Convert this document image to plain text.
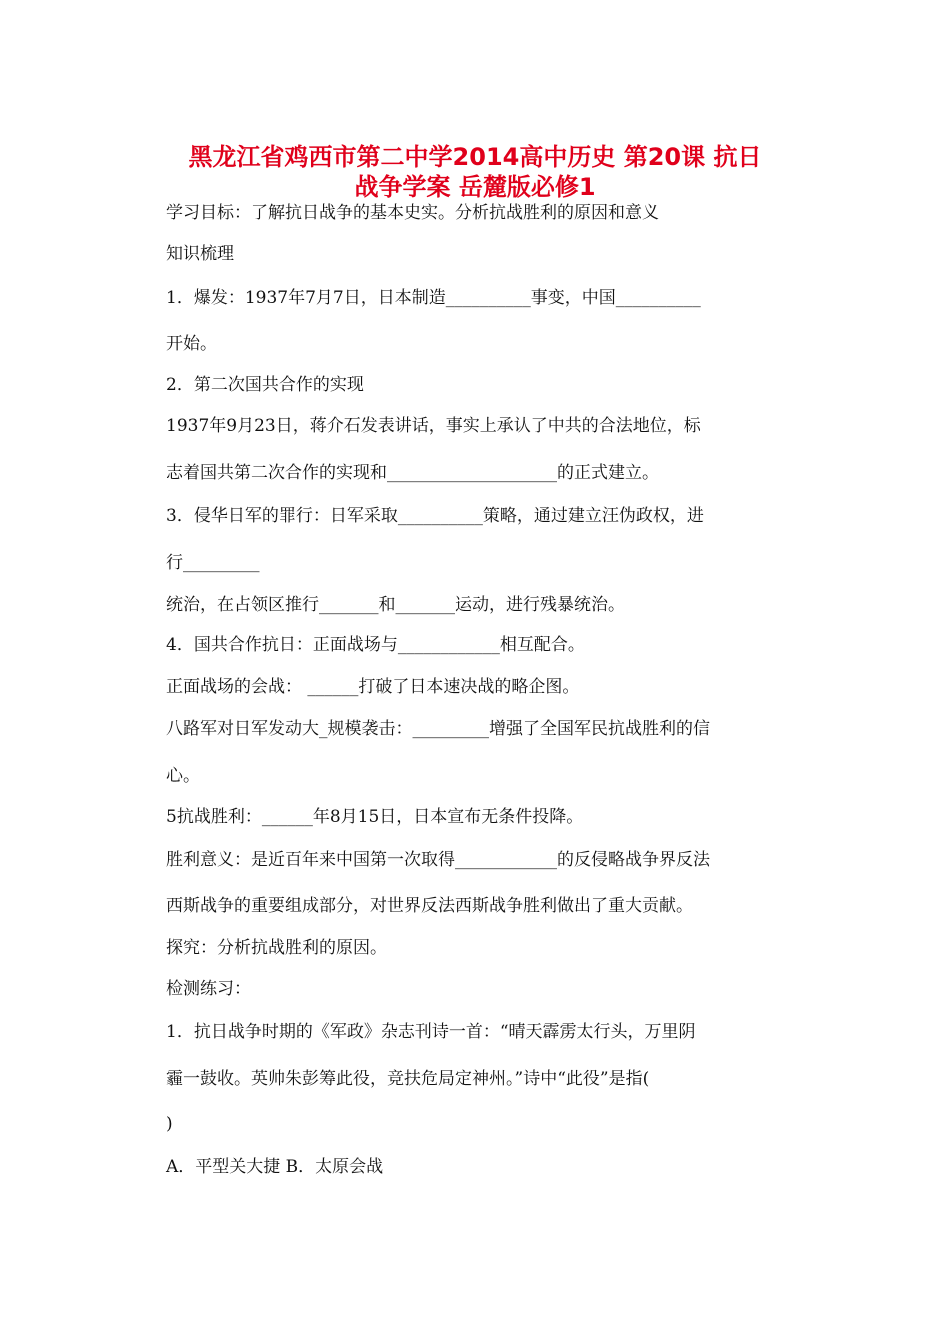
黑龙江省鸡西市第二中学2014高中历史 第20课 抗日
战争学案 岳麓版必修1
学习目标：了解抗日战争的基本史实。分析抗战胜利的原因和意义
知识梳理
1．爆发：1937年7月7日，日本制造__________事变，中国__________
开始。
2．第二次国共合作的实现
1937年9月23日，蒋介石发表讲话，事实上承认了中共的合法地位，标
志着国共第二次合作的实现和____________________的正式建立。
3．侵华日军的罪行：日军采取__________策略，通过建立汪伪政权，进
行_________
统治，在占领区推行_______和_______运动，进行残暴统治。
4．国共合作抗日：正面战场与____________相互配合。
正面战场的会战： ______打破了日本速决战的略企图。
八路军对日军发动大_规模袭击：_________增强了全国军民抗战胜利的信
心。
5抗战胜利：______年8月15日，日本宣布无条件投降。
胜利意义：是近百年来中国第一次取得____________的反侵略战争界反法
西斯战争的重要组成部分，对世界反法西斯战争胜利做出了重大贡献。
探究：分析抗战胜利的原因。
检测练习：
1．抗日战争时期的《军政》杂志刊诗一首：“晴天霹雳太行头，万里阴
霾一鼓收。英帅朱彭筹此役，竞扶危局定神州。”诗中“此役”是指(
)
A．平型关大捷 B．太原会战
